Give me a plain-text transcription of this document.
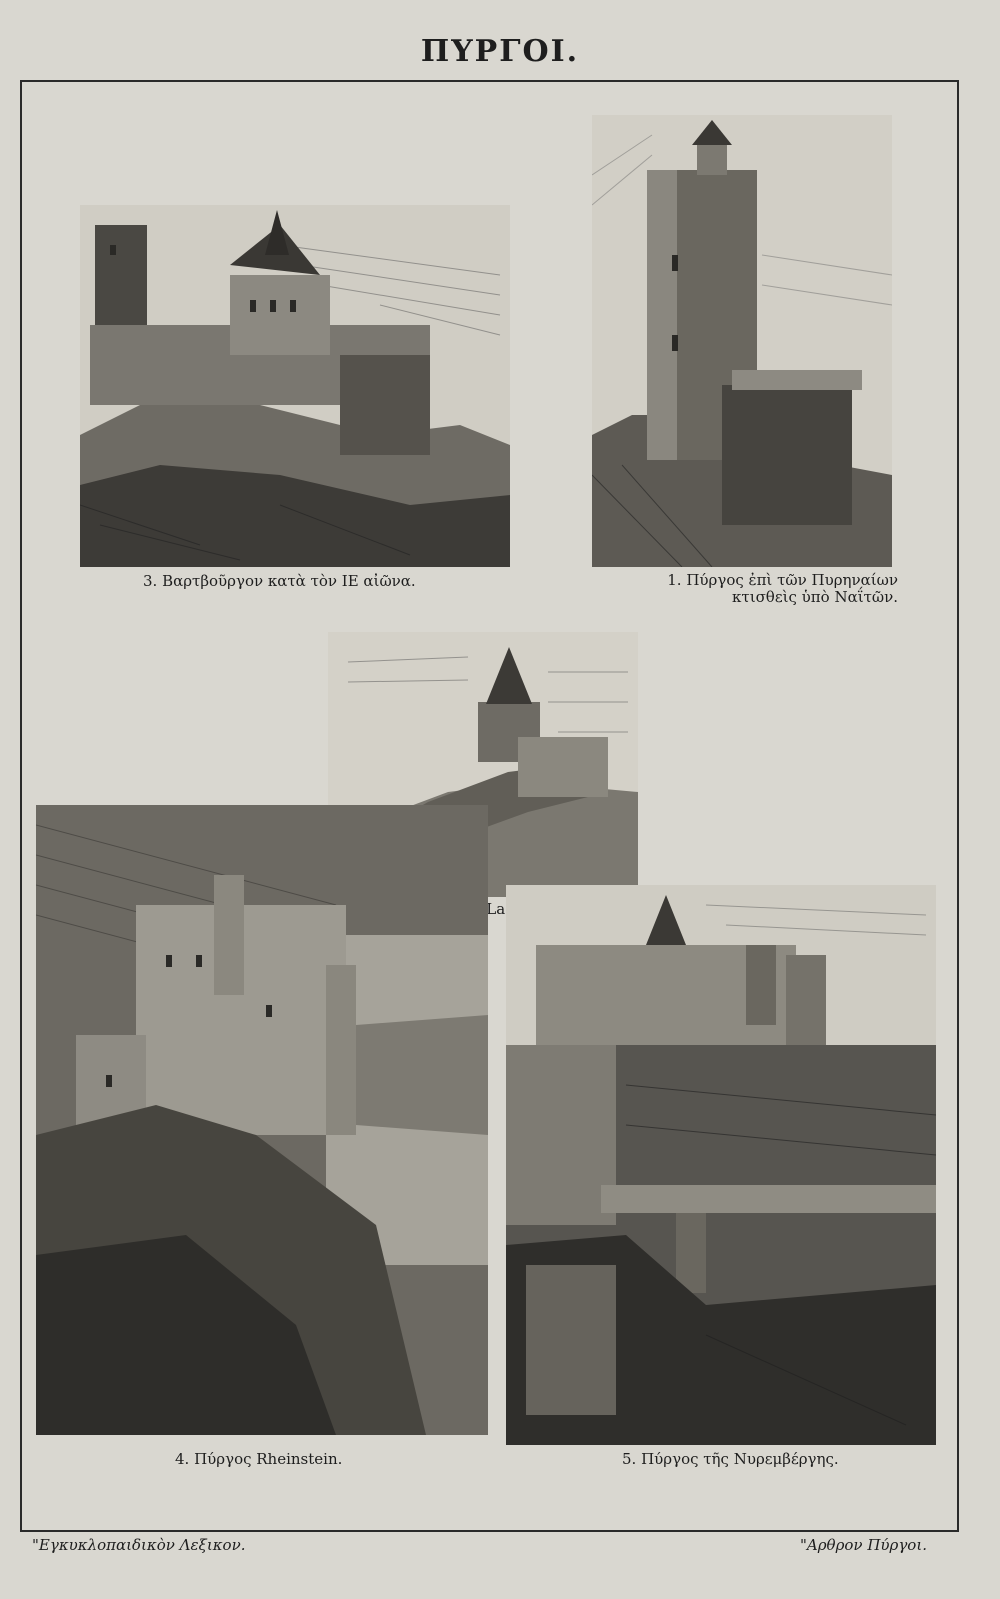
ΠΥΡΓΟΙ.
3. Βαρτβοῦργον κατὰ τὸν ΙΕ αἰῶνα.	1. Πύργος ἐπὶ τῶν Πυρηναίων κτισθεὶς ὑπὸ Ναΐτῶν.
La
4. Πύργος Rheinstein.	5. Πύργος τῆς Νυρεμβέργης.
"Εγκυκλοπαιδικὸν Λεξικον.	"Αρθρον Πύργοι.
